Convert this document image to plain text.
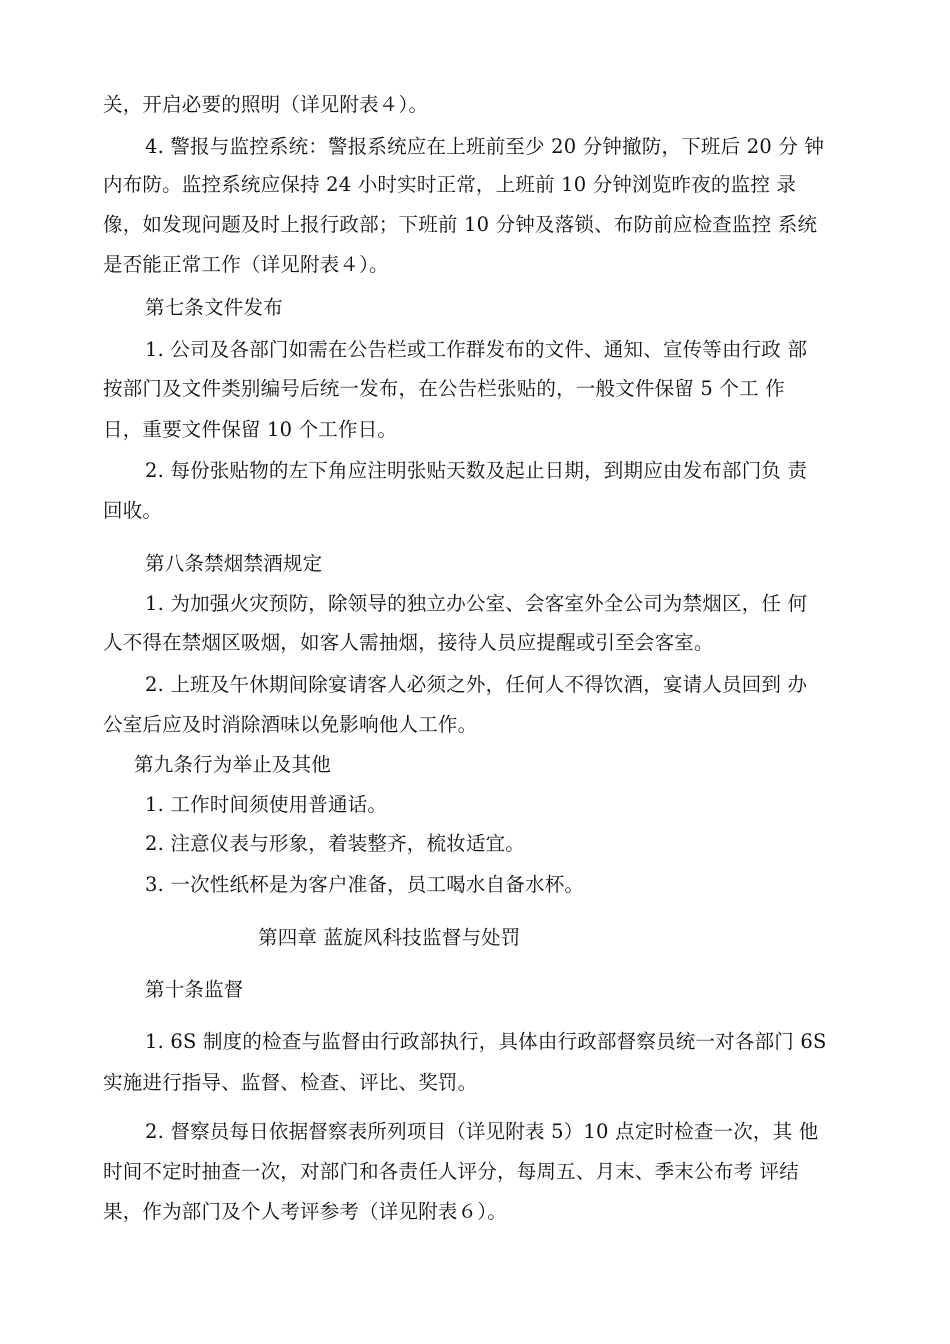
关，开启必要的照明（详见附表４）。
4. 警报与监控系统：警报系统应在上班前至少 20 分钟撤防，下班后 20 分 钟
内布防。监控系统应保持 24 小时实时正常，上班前 10 分钟浏览昨夜的监控 录
像，如发现问题及时上报行政部；下班前 10 分钟及落锁、布防前应检查监控 系统
是否能正常工作（详见附表４）。
第七条文件发布
1. 公司及各部门如需在公告栏或工作群发布的文件、通知、宣传等由行政 部
按部门及文件类别编号后统一发布，在公告栏张贴的，一般文件保留 5 个工 作
日，重要文件保留 10 个工作日。
2. 每份张贴物的左下角应注明张贴天数及起止日期，到期应由发布部门负 责
回收。
第八条禁烟禁酒规定
1. 为加强火灾预防，除领导的独立办公室、会客室外全公司为禁烟区，任 何
人不得在禁烟区吸烟，如客人需抽烟，接待人员应提醒或引至会客室。
2. 上班及午休期间除宴请客人必须之外，任何人不得饮酒，宴请人员回到 办
公室后应及时消除酒味以免影响他人工作。
第九条行为举止及其他
1. 工作时间须使用普通话。
2. 注意仪表与形象，着装整齐，梳妆适宜。
3. 一次性纸杯是为客户准备，员工喝水自备水杯。
第四章 蓝旋风科技监督与处罚
第十条监督
1. 6S 制度的检查与监督由行政部执行，具体由行政部督察员统一对各部门 6S
实施进行指导、监督、检查、评比、奖罚。
2. 督察员每日依据督察表所列项目（详见附表 5）10 点定时检查一次，其 他
时间不定时抽查一次，对部门和各责任人评分，每周五、月末、季末公布考 评结
果，作为部门及个人考评参考（详见附表６）。
